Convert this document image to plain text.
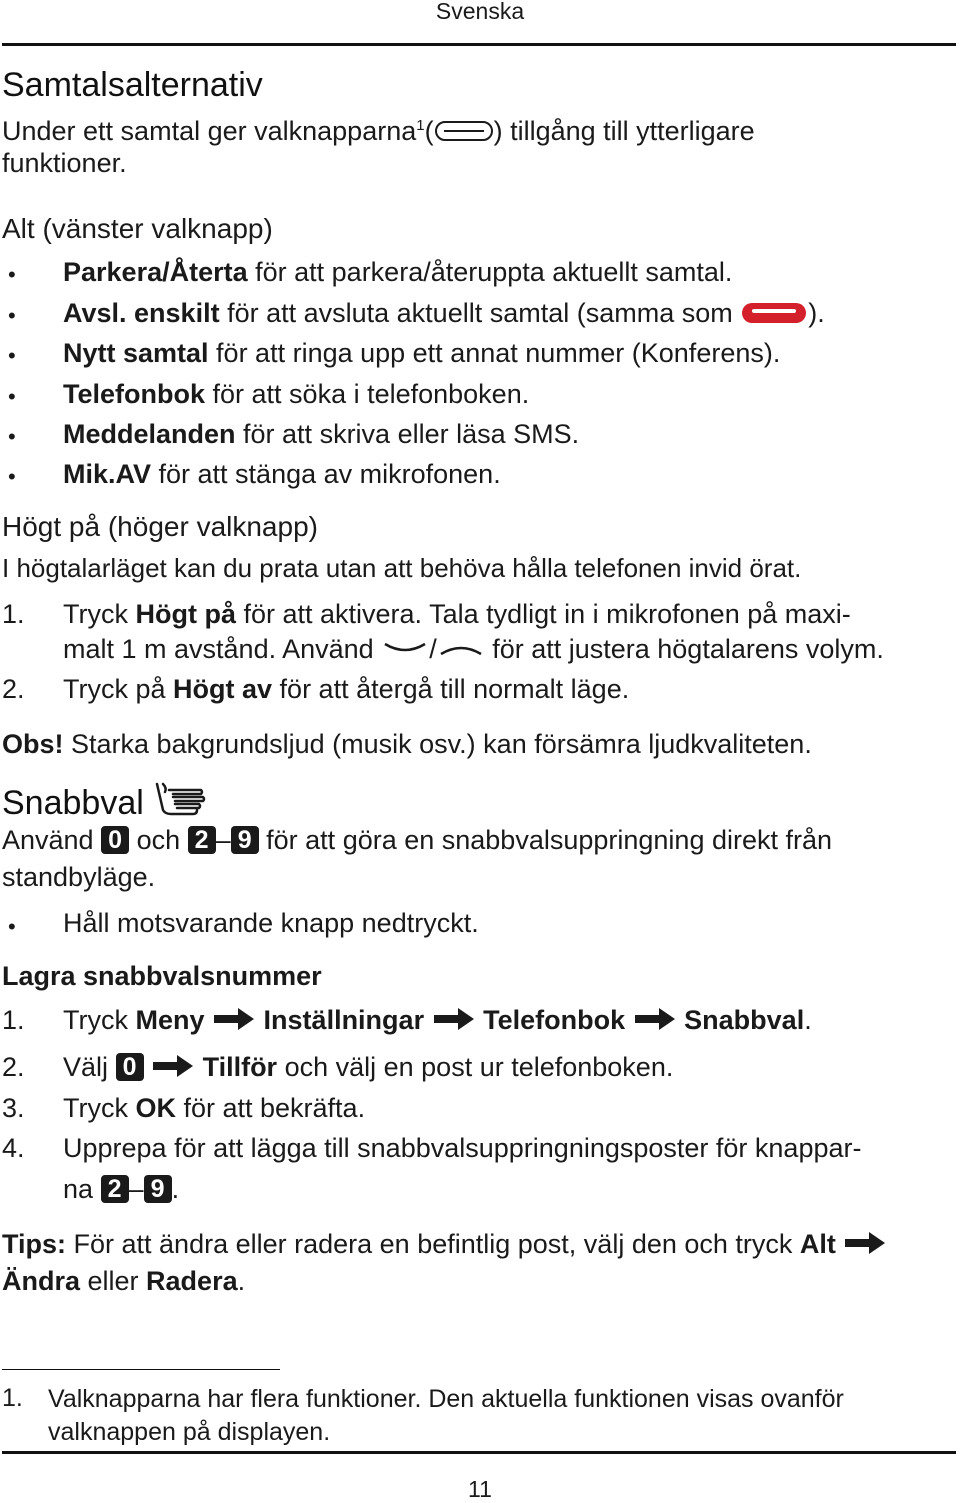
Svenska
Samtalsalternativ
Under ett samtal ger valknapparna$^1$( ) tillgång till ytterligare
funktioner.
Alt (vänster valknapp)
• Parkera/Återta för att parkera/återuppta aktuellt samtal.
• Avsl. enskilt för att avsluta aktuellt samtal (samma som	).
• Nytt samtal för att ringa upp ett annat nummer (Konferens).
• Telefonbok för att söka i telefonboken.
• Meddelanden för att skriva eller läsa SMS.
• Mik.AV för att stänga av mikrofonen.
Högt på (höger valknapp)
I högtalarläget kan du prata utan att behöva hålla telefonen invid örat.
1. Tryck Högt på för att aktivera. Tala tydligt in i mikrofonen på maxi-
malt 1 m avstånd. Använd / för att justera högtalarens volym.
2. Tryck på Högt av för att återgå till normalt läge.
Obs! Starka bakgrundsljud (musik osv.) kan försämra ljudkvaliteten.
Snabbval
Använd 0 och 2 – 9 för att göra en snabbvalsuppringning direkt från
standbyläge.
• Håll motsvarande knapp nedtryckt.
Lagra snabbvalsnummer
1. Tryck Meny Inställningar Telefonbok Snabbval.
2. Välj 0 Tillför och välj en post ur telefonboken.
3. Tryck OK för att bekräfta.
4. Upprepa för att lägga till snabbvalsuppringningsposter för knappar-
na 2 – 9 .
Tips: För att ändra eller radera en befintlig post, välj den och tryck Alt
Ändra eller Radera.
1. Valknapparna har flera funktioner. Den aktuella funktionen visas ovanför
valknappen på displayen.
11
